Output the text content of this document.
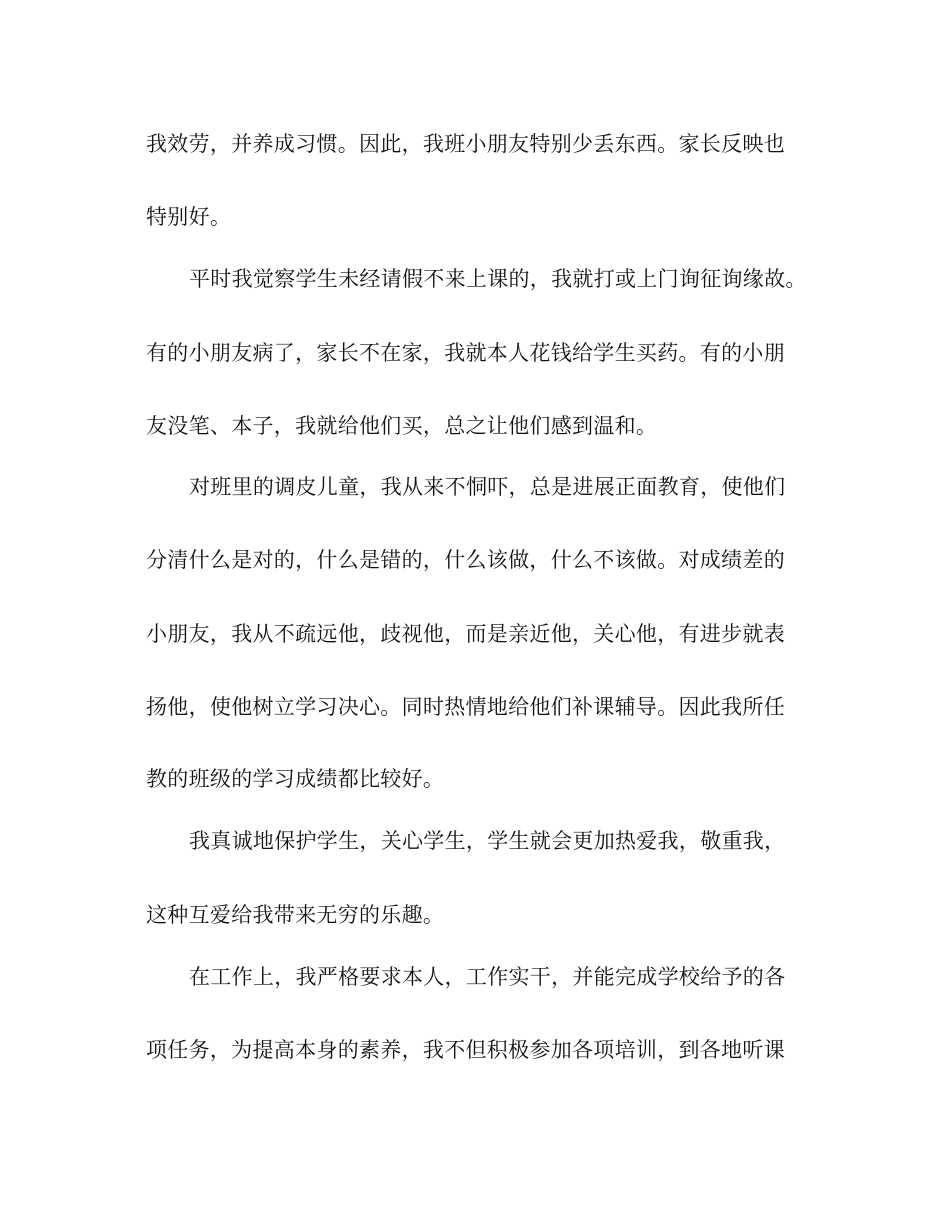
我效劳，并养成习惯。因此，我班小朋友特别少丢东西。家长反映也
特别好。
平时我觉察学生未经请假不来上课的，我就打或上门询征询缘故。
有的小朋友病了，家长不在家，我就本人花钱给学生买药。有的小朋
友没笔、本子，我就给他们买，总之让他们感到温和。
对班里的调皮儿童，我从来不恫吓，总是进展正面教育，使他们
分清什么是对的，什么是错的，什么该做，什么不该做。对成绩差的
小朋友，我从不疏远他，歧视他，而是亲近他，关心他，有进步就表
扬他，使他树立学习决心。同时热情地给他们补课辅导。因此我所任
教的班级的学习成绩都比较好。
我真诚地保护学生，关心学生，学生就会更加热爱我，敬重我，
这种互爱给我带来无穷的乐趣。
在工作上，我严格要求本人，工作实干，并能完成学校给予的各
项任务，为提高本身的素养，我不但积极参加各项培训，到各地听课
